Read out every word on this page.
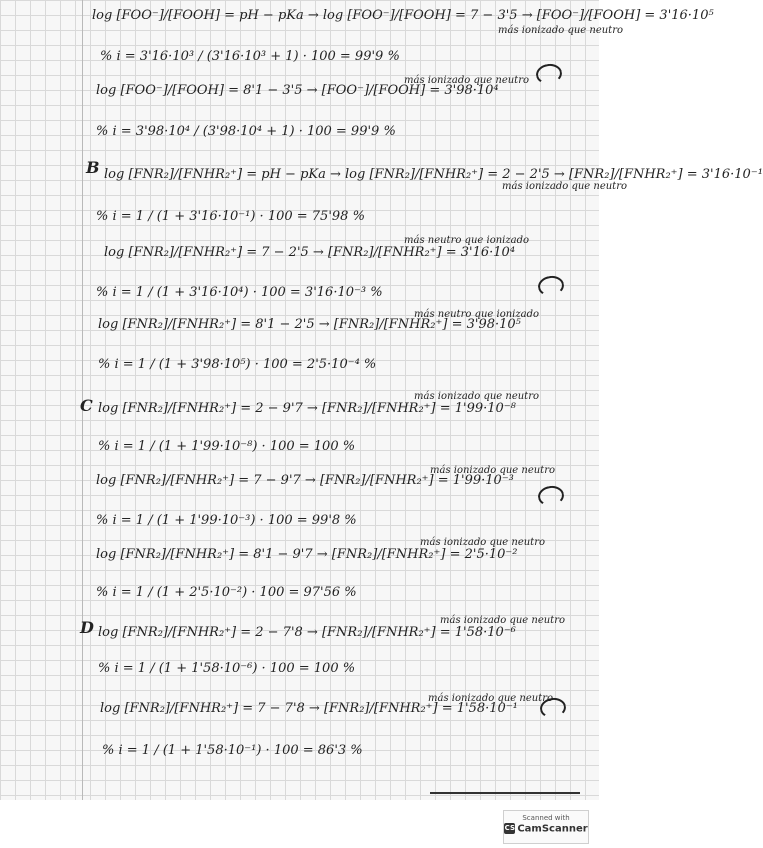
log [FOO⁻]/[FOOH] = pH − pKa → log [FOO⁻]/[FOOH] = 7 − 3'5 → [FOO⁻]/[FOOH] = 3'16·10⁵
más ionizado que neutro
% i = 3'16·10³ / (3'16·10³ + 1) · 100 = 99'9 %
log [FOO⁻]/[FOOH] = 8'1 − 3'5 → [FOO⁻]/[FOOH] = 3'98·10⁴
más ionizado que neutro
% i = 3'98·10⁴ / (3'98·10⁴ + 1) · 100 = 99'9 %
B log [FNR₂]/[FNHR₂⁺] = pH − pKa → log [FNR₂]/[FNHR₂⁺] = 2 − 2'5 → [FNR₂]/[FNHR₂⁺] = 3'16·10⁻¹
más ionizado que neutro
% i = 1 / (1 + 3'16·10⁻¹) · 100 = 75'98 %
log [FNR₂]/[FNHR₂⁺] = 7 − 2'5 → [FNR₂]/[FNHR₂⁺] = 3'16·10⁴
más neutro que ionizado
% i = 1 / (1 + 3'16·10⁴) · 100 = 3'16·10⁻³ %
log [FNR₂]/[FNHR₂⁺] = 8'1 − 2'5 → [FNR₂]/[FNHR₂⁺] = 3'98·10⁵
más neutro que ionizado
% i = 1 / (1 + 3'98·10⁵) · 100 = 2'5·10⁻⁴ %
C log [FNR₂]/[FNHR₂⁺] = 2 − 9'7 → [FNR₂]/[FNHR₂⁺] = 1'99·10⁻⁸
más ionizado que neutro
% i = 1 / (1 + 1'99·10⁻⁸) · 100 = 100 %
log [FNR₂]/[FNHR₂⁺] = 7 − 9'7 → [FNR₂]/[FNHR₂⁺] = 1'99·10⁻³
más ionizado que neutro
% i = 1 / (1 + 1'99·10⁻³) · 100 = 99'8 %
log [FNR₂]/[FNHR₂⁺] = 8'1 − 9'7 → [FNR₂]/[FNHR₂⁺] = 2'5·10⁻²
más ionizado que neutro
% i = 1 / (1 + 2'5·10⁻²) · 100 = 97'56 %
D log [FNR₂]/[FNHR₂⁺] = 2 − 7'8 → [FNR₂]/[FNHR₂⁺] = 1'58·10⁻⁶
más ionizado que neutro
% i = 1 / (1 + 1'58·10⁻⁶) · 100 = 100 %
log [FNR₂]/[FNHR₂⁺] = 7 − 7'8 → [FNR₂]/[FNHR₂⁺] = 1'58·10⁻¹
más ionizado que neutro
% i = 1 / (1 + 1'58·10⁻¹) · 100 = 86'3 %
Scanned with
CS CamScanner
